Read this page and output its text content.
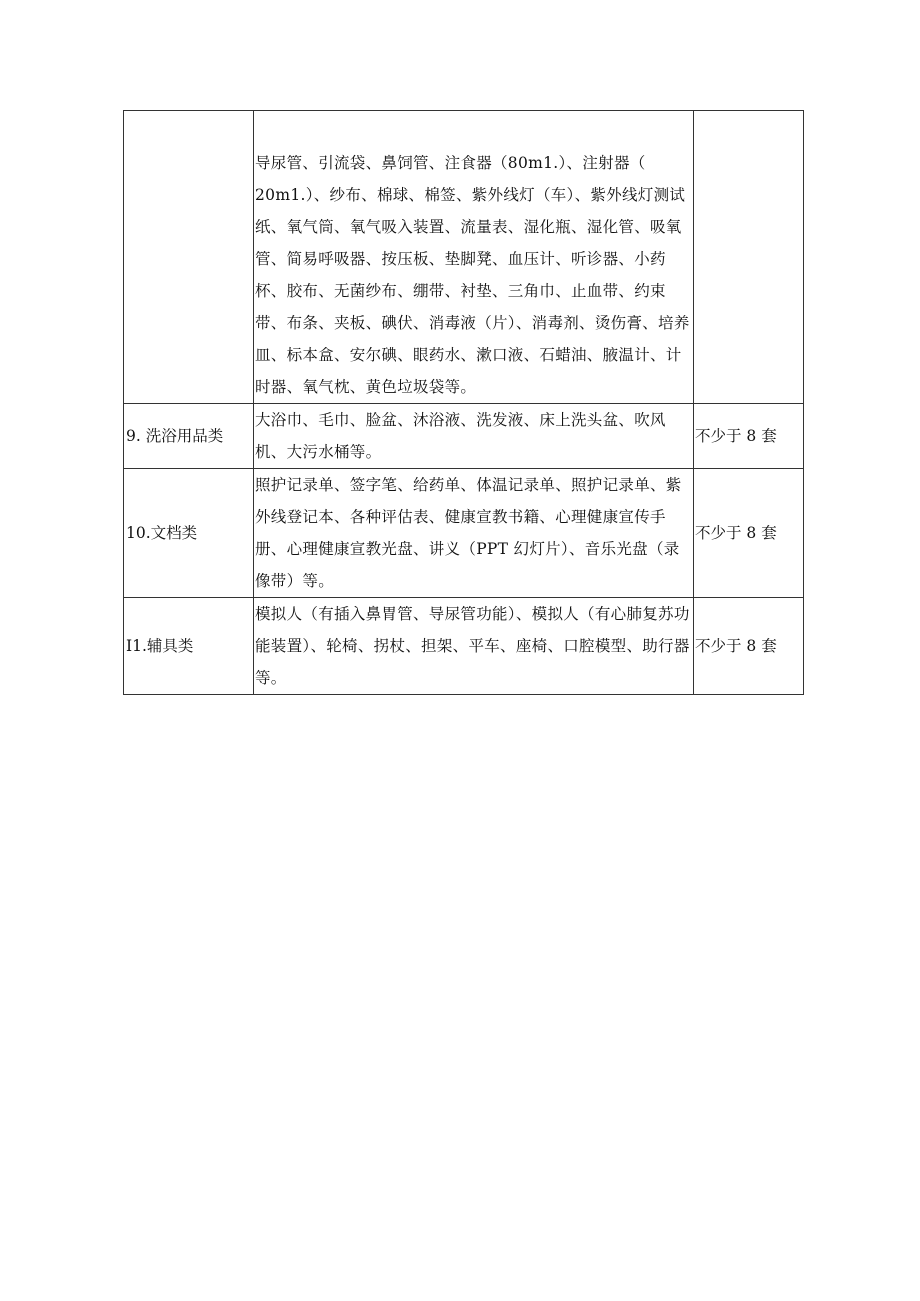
	导尿管、引流袋、鼻饲管、注食器（80m1.）、注射器（ 20m1.）、纱布、棉球、棉签、紫外线灯（车）、紫外线灯测试纸、氧气筒、氧气吸入装置、流量表、湿化瓶、湿化管、吸氧管、简易呼吸器、按压板、垫脚凳、血压计、听诊器、小药杯、胶布、无菌纱布、绷带、衬垫、三角巾、止血带、约束带、布条、夹板、碘伏、消毒液（片）、消毒剂、烫伤膏、培养皿、标本盒、安尔碘、眼药水、漱口液、石蜡油、腋温计、计时器、氧气枕、黄色垃圾袋等。	
9. 洗浴用品类	大浴巾、毛巾、脸盆、沐浴液、洗发液、床上洗头盆、吹风机、大污水桶等。	不少于 8 套
10.文档类	照护记录单、签字笔、给药单、体温记录单、照护记录单、紫外线登记本、各种评估表、健康宣教书籍、心理健康宣传手册、心理健康宣教光盘、讲义（PPT 幻灯片）、音乐光盘（录像带）等。	不少于 8 套
I1.辅具类	模拟人（有插入鼻胃管、导尿管功能）、模拟人（有心肺复苏功能装置）、轮椅、拐杖、担架、平车、座椅、口腔模型、助行器等。	不少于 8 套
